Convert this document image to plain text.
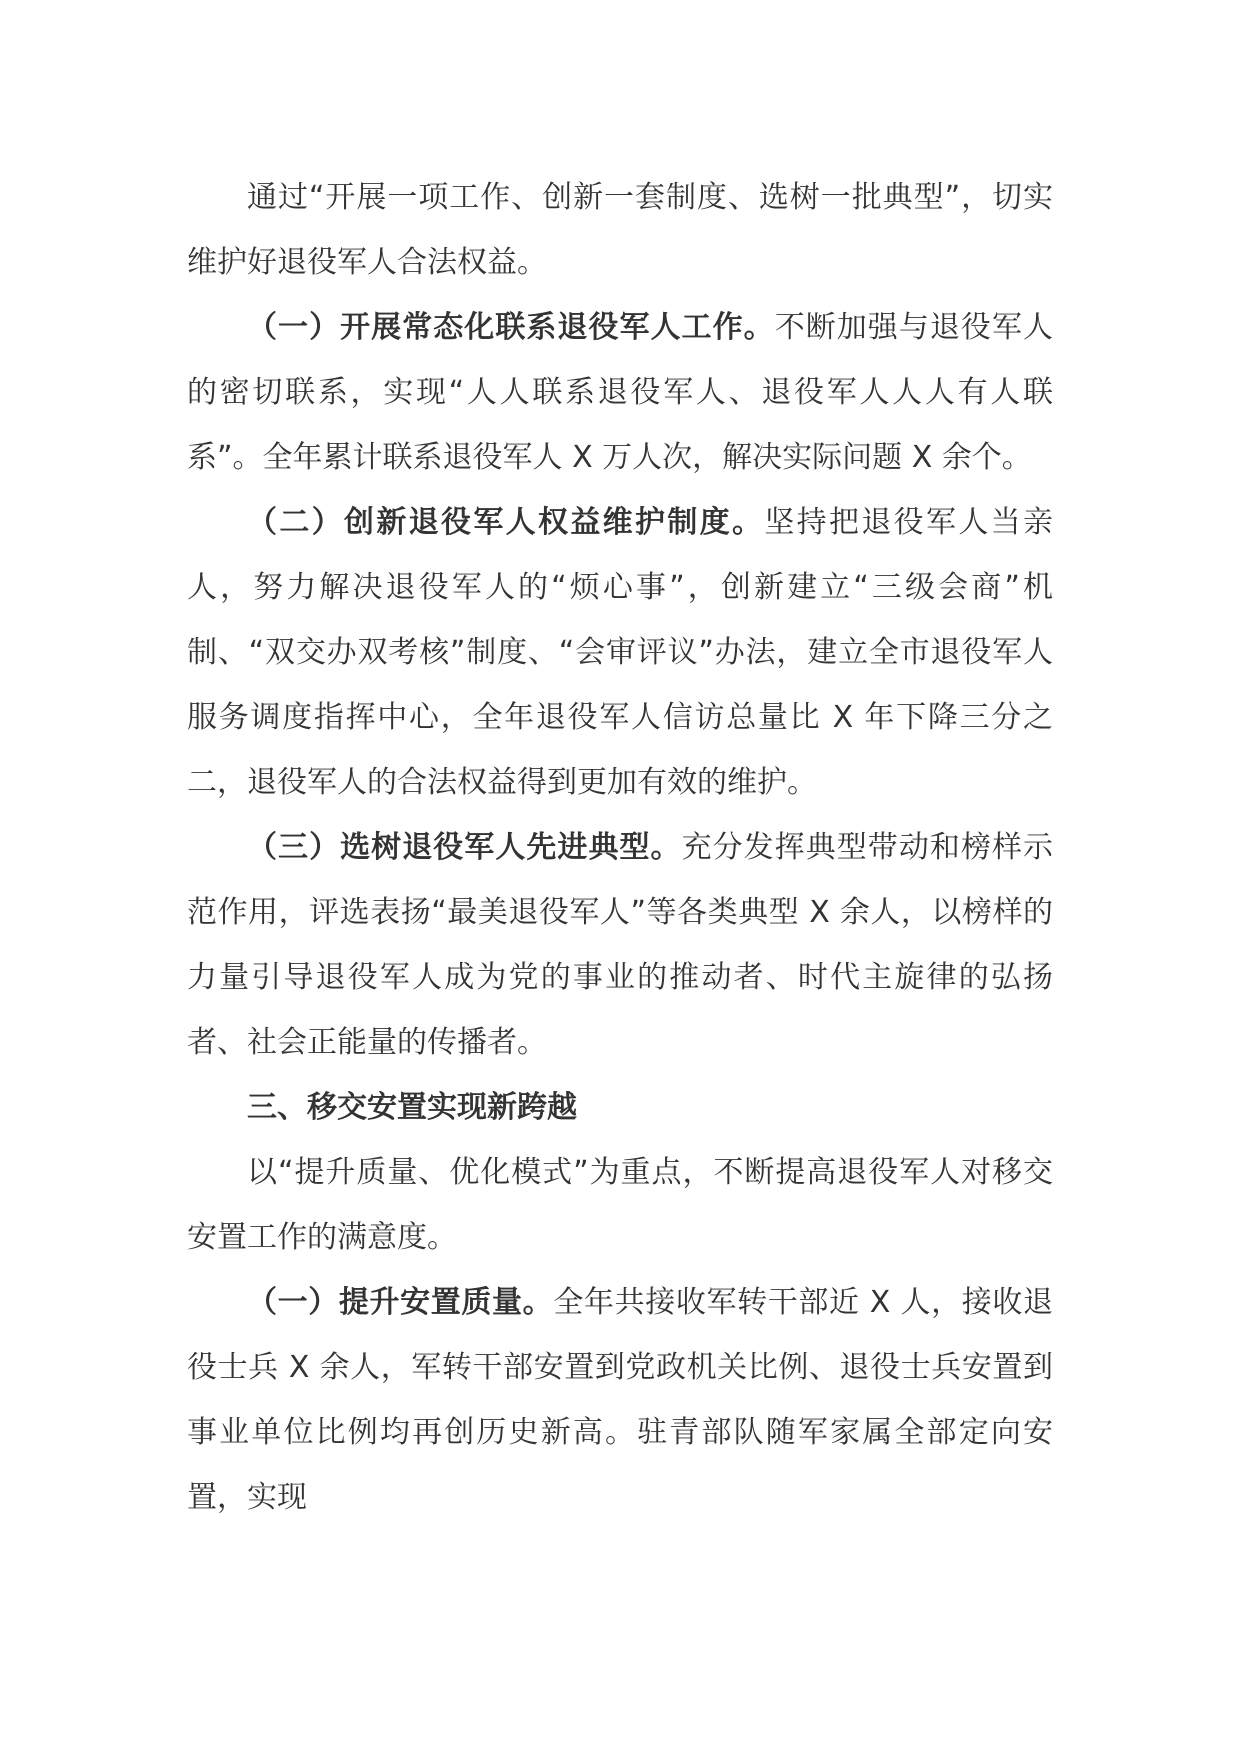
通过“开展一项工作、创新一套制度、选树一批典型”，切实维护好退役军人合法权益。

（一）开展常态化联系退役军人工作。不断加强与退役军人的密切联系，实现“人人联系退役军人、退役军人人人有人联系”。全年累计联系退役军人 X 万人次，解决实际问题 X 余个。

（二）创新退役军人权益维护制度。坚持把退役军人当亲人，努力解决退役军人的“烦心事”，创新建立“三级会商”机制、“双交办双考核”制度、“会审评议”办法，建立全市退役军人服务调度指挥中心，全年退役军人信访总量比 X 年下降三分之二，退役军人的合法权益得到更加有效的维护。

（三）选树退役军人先进典型。充分发挥典型带动和榜样示范作用，评选表扬“最美退役军人”等各类典型 X 余人，以榜样的力量引导退役军人成为党的事业的推动者、时代主旋律的弘扬者、社会正能量的传播者。

三、移交安置实现新跨越

以“提升质量、优化模式”为重点，不断提高退役军人对移交安置工作的满意度。

（一）提升安置质量。全年共接收军转干部近 X 人，接收退役士兵 X 余人，军转干部安置到党政机关比例、退役士兵安置到事业单位比例均再创历史新高。驻青部队随军家属全部定向安置，实现
